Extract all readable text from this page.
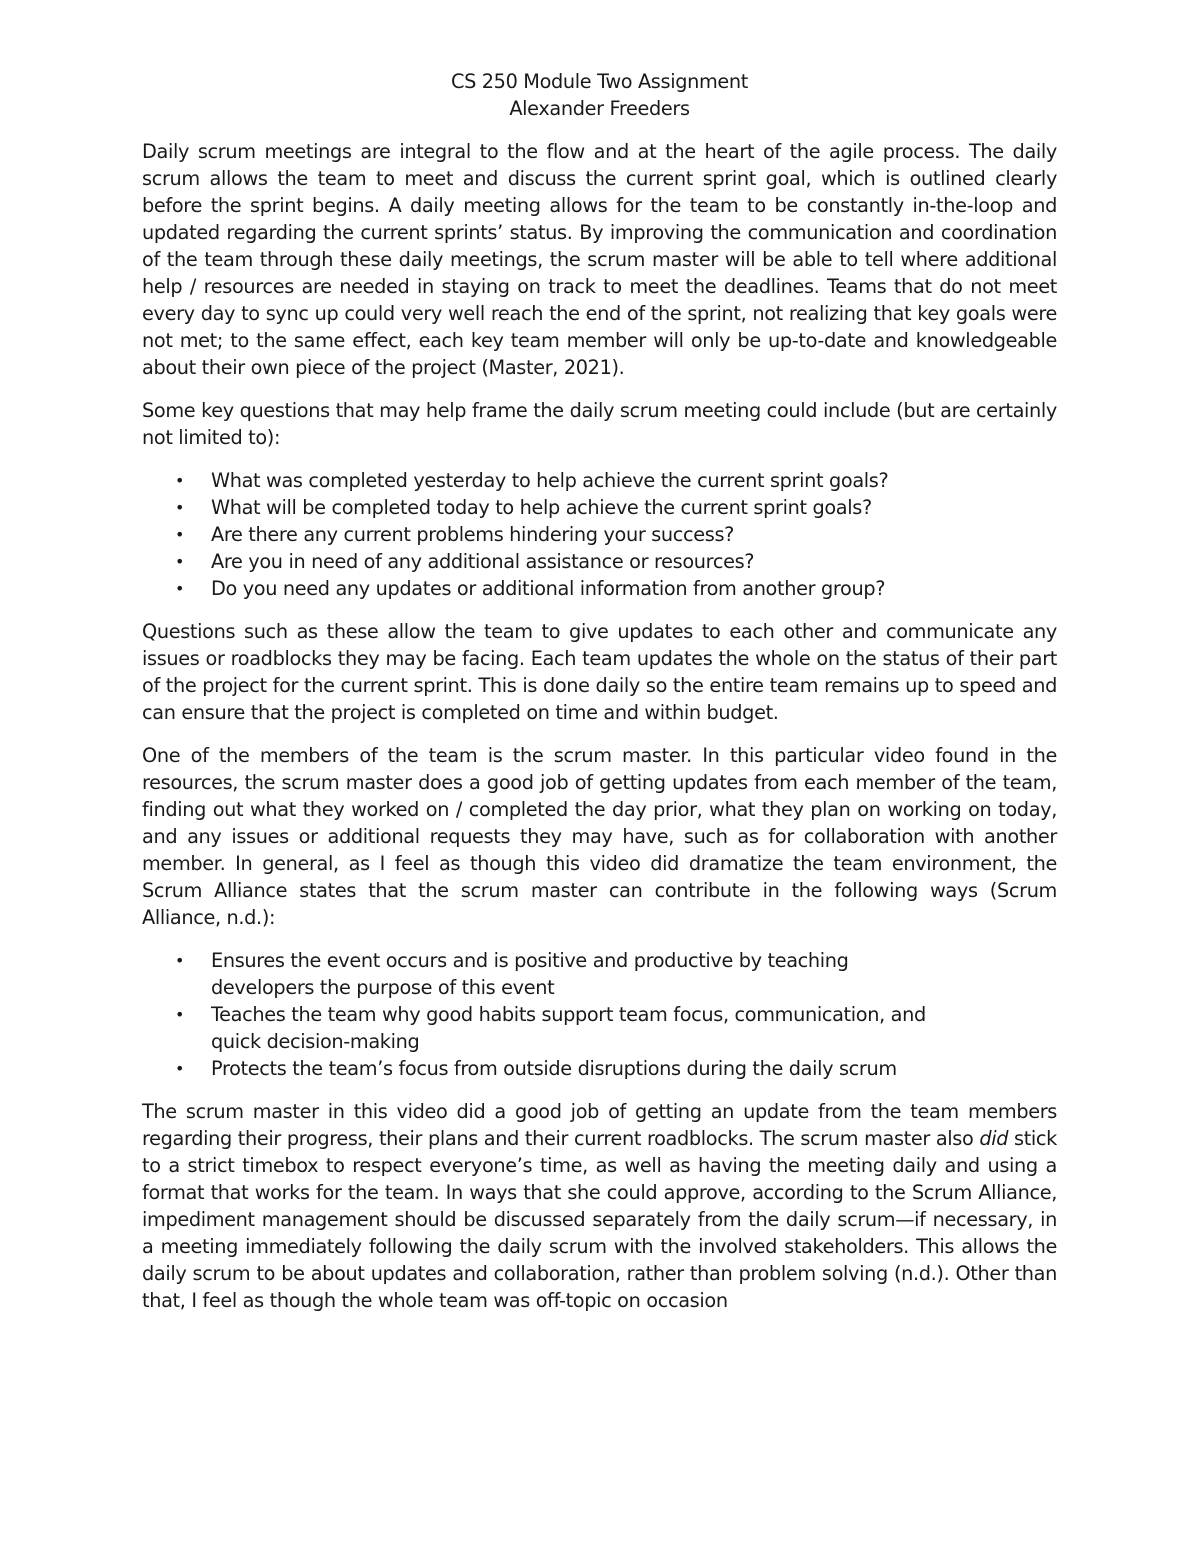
CS 250 Module Two Assignment
Alexander Freeders

Daily scrum meetings are integral to the flow and at the heart of the agile process. The daily scrum allows the team to meet and discuss the current sprint goal, which is outlined clearly before the sprint begins. A daily meeting allows for the team to be constantly in-the-loop and updated regarding the current sprints’ status. By improving the communication and coordination of the team through these daily meetings, the scrum master will be able to tell where additional help / resources are needed in staying on track to meet the deadlines. Teams that do not meet every day to sync up could very well reach the end of the sprint, not realizing that key goals were not met; to the same effect, each key team member will only be up-to-date and knowledgeable about their own piece of the project (Master, 2021).

Some key questions that may help frame the daily scrum meeting could include (but are certainly not limited to):

• What was completed yesterday to help achieve the current sprint goals?
• What will be completed today to help achieve the current sprint goals?
• Are there any current problems hindering your success?
• Are you in need of any additional assistance or resources?
• Do you need any updates or additional information from another group?

Questions such as these allow the team to give updates to each other and communicate any issues or roadblocks they may be facing. Each team updates the whole on the status of their part of the project for the current sprint. This is done daily so the entire team remains up to speed and can ensure that the project is completed on time and within budget.

One of the members of the team is the scrum master. In this particular video found in the resources, the scrum master does a good job of getting updates from each member of the team, finding out what they worked on / completed the day prior, what they plan on working on today, and any issues or additional requests they may have, such as for collaboration with another member. In general, as I feel as though this video did dramatize the team environment, the Scrum Alliance states that the scrum master can contribute in the following ways (Scrum Alliance, n.d.):

• Ensures the event occurs and is positive and productive by teaching developers the purpose of this event
• Teaches the team why good habits support team focus, communication, and quick decision-making
• Protects the team’s focus from outside disruptions during the daily scrum

The scrum master in this video did a good job of getting an update from the team members regarding their progress, their plans and their current roadblocks. The scrum master also did stick to a strict timebox to respect everyone’s time, as well as having the meeting daily and using a format that works for the team. In ways that she could approve, according to the Scrum Alliance, impediment management should be discussed separately from the daily scrum—if necessary, in a meeting immediately following the daily scrum with the involved stakeholders. This allows the daily scrum to be about updates and collaboration, rather than problem solving (n.d.). Other than that, I feel as though the whole team was off-topic on occasion
